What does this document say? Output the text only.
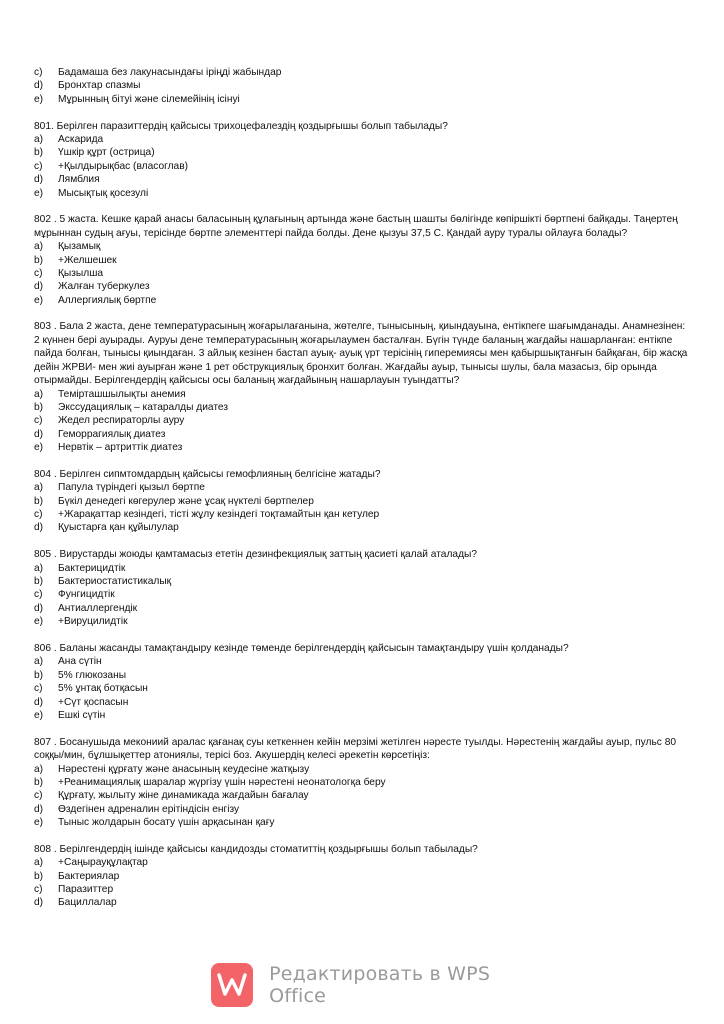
c) Бадамаша без лакунасындағы іріңді жабындар
d) Бронхтар спазмы
e) Мұрынның бітуі және сілемейінің ісінуі
801. Берілген паразиттердің қайсысы трихоцефалездің қоздырғышы болып табылады?
a) Аскарида
b) Үшкір құрт (острица)
c) +Қылдырықбас (власоглав)
d) Лямблия
e) Мысықтық қосезулі
802 . 5 жаста. Кешке қарай анасы баласының құлағының артында және бастың шашты бөлігінде көпіршікті бөртпені байқады. Таңертең мұрыннан судың ағуы, терісінде бөртпе элементтері пайда болды. Дене қызуы 37,5 С. Қандай ауру туралы ойлауға болады?
a) Қызамық
b) +Желшешек
c) Қызылша
d) Жалған туберкулез
e) Аллергиялық бөртпе
803 . Бала 2 жаста, дене температурасының жоғарылағанына, жөтелге, тынысының, қиындауына, ентікпеге шағымданады. Анамнезінен: 2 күннен бері ауырады. Ауруы дене температурасының жоғарылаумен басталған. Бүгін түнде баланың жағдайы нашарланған: ентікпе пайда болған, тынысы қиындаған. 3 айлық кезінен бастап ауық- ауық үрт терісінің гиперемиясы мен қабыршықтанғын байқаған, бір жасқа дейін ЖРВИ- мен жиі ауырған және 1 рет обструкциялық бронхит болған. Жағдайы ауыр, тынысы шулы, бала мазасыз, бір орында отырмайды. Берілгендердің қайсысы осы баланың жағдайының нашарлауын туындатты?
a) Темірташшылықты анемия
b) Экссудациялық – катаралды диатез
c) Жедел респираторлы ауру
d) Геморрагиялық диатез
e) Нервтік – артриттік диатез
804 . Берілген сипмтомдардың қайсысы гемофлияның белгісіне жатады?
a) Папула түріндегі қызыл бөртпе
b) Бүкіл денедегі көгерулер және ұсақ нүктелі бөртпелер
c) +Жарақаттар кезіндегі, тісті жұлу кезіндегі тоқтамайтын қан кетулер
d) Қуыстарға қан құйылулар
805 . Вирустарды жоюды қамтамасыз ететін дезинфекциялық заттың қасиеті қалай аталады?
a) Бактерицидтік
b) Бактериостатистикалық
c) Фунгицидтік
d) Антиаллергендік
e) +Вируцилидтік
806 . Баланы жасанды тамақтандыру кезінде төменде берілгендердің қайсысын тамақтандыру үшін қолданады?
a) Ана сүтін
b) 5% глюкозаны
c) 5% ұнтақ ботқасын
d) +Сүт қоспасын
e) Ешкі сүтін
807 . Босанушыда мекониий аралас қағанақ суы кеткеннен кейін мерзімі жетілген нәресте туылды. Нәрестенің жағдайы ауыр, пульс 80 соққы/мин, бұлшықеттер атониялы, терісі боз. Акушердің келесі әрекетін көрсетіңіз:
a) Нәрестені құрғату және анасының кеудесіне жатқызу
b) +Реанимациялық шаралар жүргізу үшін нәрестені неонатологқа беру
c) Құрғату, жылыту жіне динамикада жағдайын бағалау
d) Өздегінен адреналин ерітіндісін енгізу
e) Тыныс жолдарын босату үшін арқасынан қағу
808 . Берілгендердің ішінде қайсысы кандидозды стоматиттің қоздырғышы болып табылады?
a) +Саңырауқұлақтар
b) Бактериялар
c) Паразиттер
d) Бациллалар
Редактировать в WPS Office
